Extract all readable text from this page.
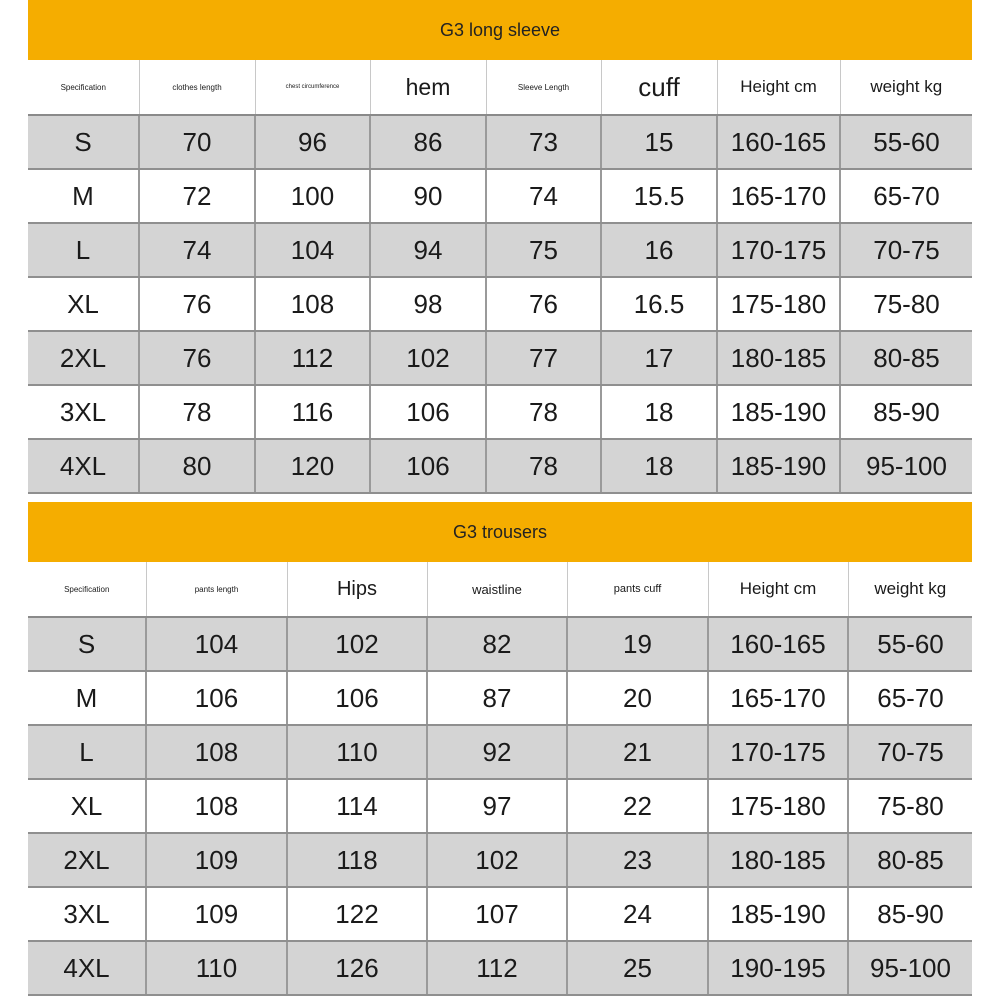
G3 long sleeve
Specification	clothes length	chest circumference	hem	Sleeve Length	cuff	Height cm	weight kg
S	70	96	86	73	15	160-165	55-60
M	72	100	90	74	15.5	165-170	65-70
L	74	104	94	75	16	170-175	70-75
XL	76	108	98	76	16.5	175-180	75-80
2XL	76	112	102	77	17	180-185	80-85
3XL	78	116	106	78	18	185-190	85-90
4XL	80	120	106	78	18	185-190	95-100
G3 trousers
Specification	pants length	Hips	waistline	pants cuff	Height cm	weight kg
S	104	102	82	19	160-165	55-60
M	106	106	87	20	165-170	65-70
L	108	110	92	21	170-175	70-75
XL	108	114	97	22	175-180	75-80
2XL	109	118	102	23	180-185	80-85
3XL	109	122	107	24	185-190	85-90
4XL	110	126	112	25	190-195	95-100
